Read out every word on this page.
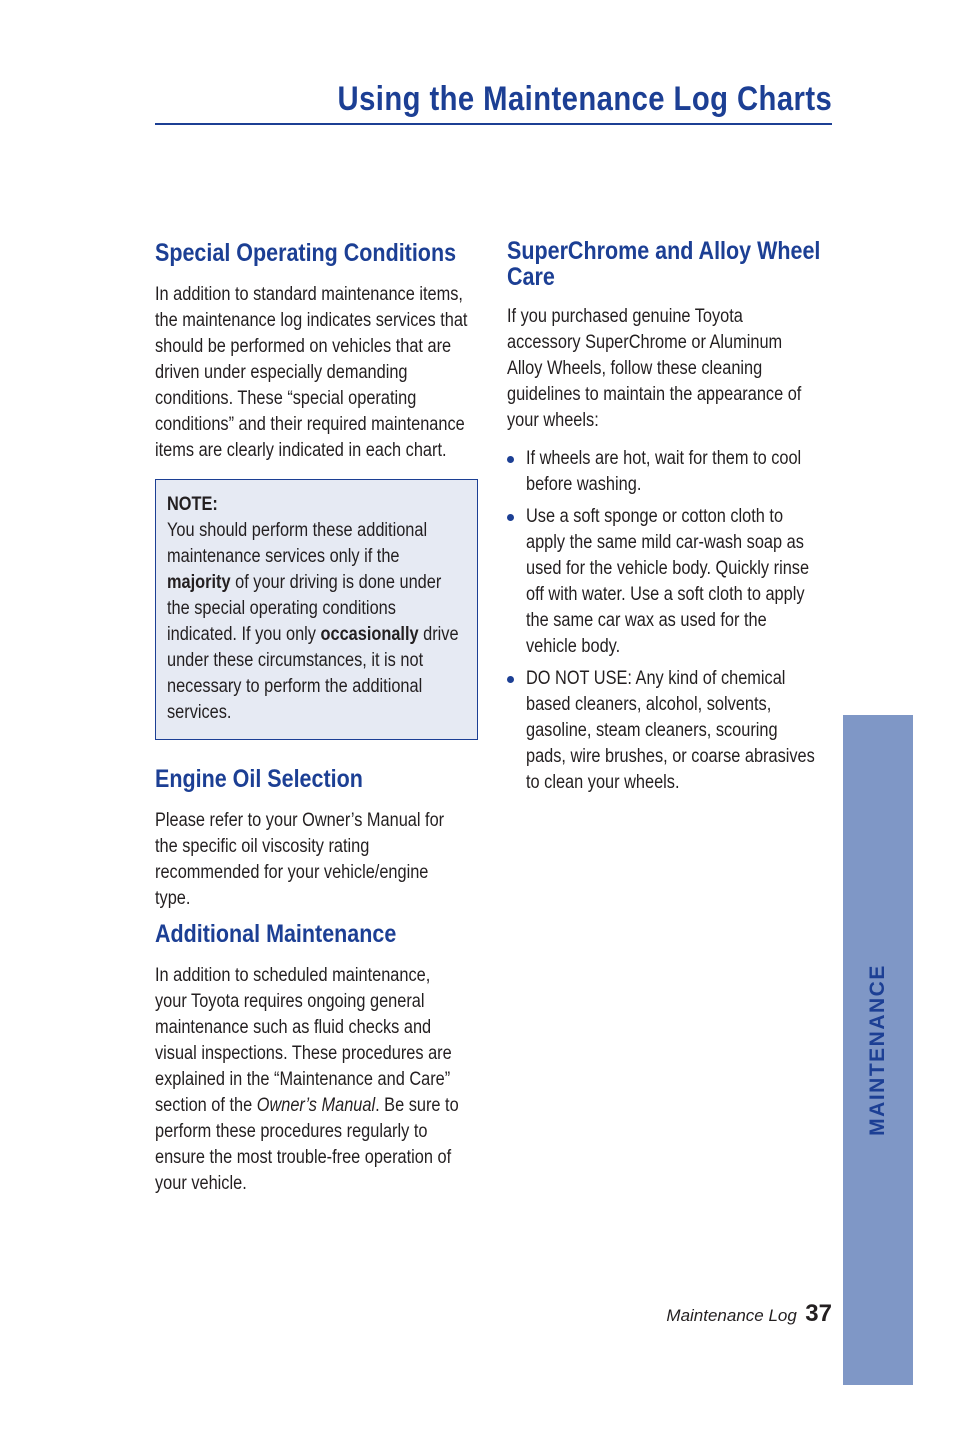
Using the Maintenance Log Charts
Special Operating Conditions

In addition to standard maintenance items,
the maintenance log indicates services that
should be performed on vehicles that are
driven under especially demanding
conditions. These “special operating
conditions” and their required maintenance
items are clearly indicated in each chart.

NOTE:
You should perform these additional
maintenance services only if the
majority of your driving is done under
the special operating conditions
indicated. If you only occasionally drive
under these circumstances, it is not
necessary to perform the additional
services.

Engine Oil Selection

Please refer to your Owner’s Manual for
the specific oil viscosity rating
recommended for your vehicle/engine
type.

Additional Maintenance

In addition to scheduled maintenance,
your Toyota requires ongoing general
maintenance such as fluid checks and
visual inspections. These procedures are
explained in the “Maintenance and Care”
section of the Owner’s Manual. Be sure to
perform these procedures regularly to
ensure the most trouble-free operation of
your vehicle.

SuperChrome and Alloy Wheel
Care

If you purchased genuine Toyota
accessory SuperChrome or Aluminum
Alloy Wheels, follow these cleaning
guidelines to maintain the appearance of
your wheels:

If wheels are hot, wait for them to cool
before washing.

Use a soft sponge or cotton cloth to
apply the same mild car-wash soap as
used for the vehicle body. Quickly rinse
off with water. Use a soft cloth to apply
the same car wax as used for the
vehicle body.

DO NOT USE: Any kind of chemical
based cleaners, alcohol, solvents,
gasoline, steam cleaners, scouring
pads, wire brushes, or coarse abrasives
to clean your wheels.

MAINTENANCE
Maintenance Log 37
